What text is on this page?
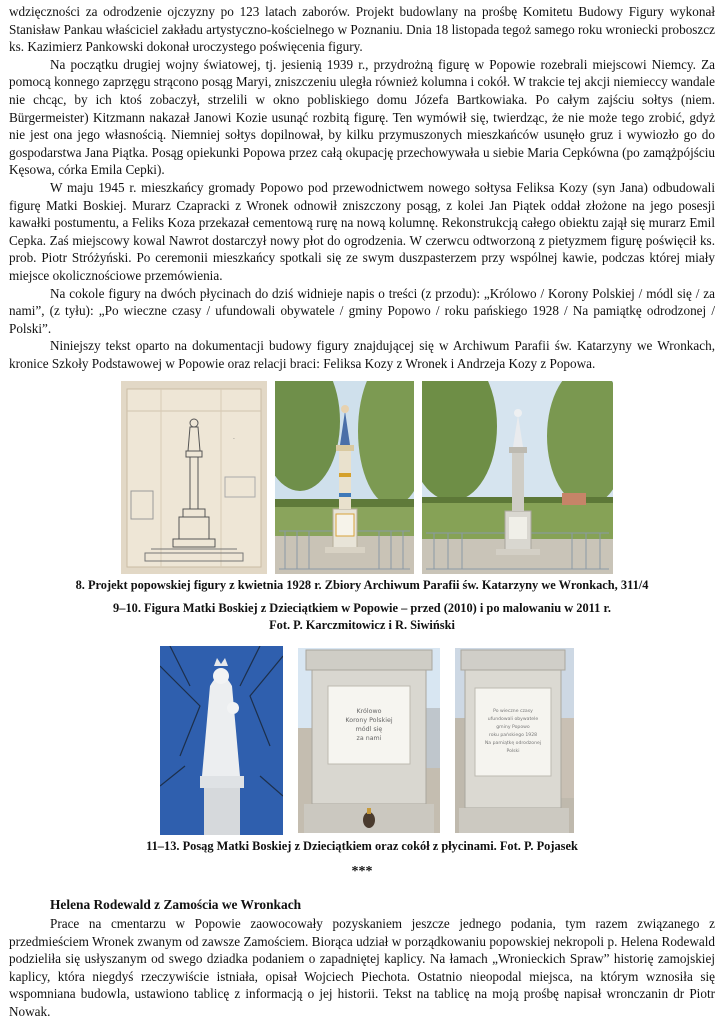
wdzięczności za odrodzenie ojczyzny po 123 latach zaborów. Projekt budowlany na prośbę Komitetu Budowy Figury wykonał Stanisław Pankau właściciel zakładu artystyczno-kościelnego w Poznaniu. Dnia 18 listopada tegoż samego roku wroniecki proboszcz ks. Kazimierz Pankowski dokonał uroczystego poświęcenia figury.

Na początku drugiej wojny światowej, tj. jesienią 1939 r., przydrożną figurę w Popowie rozebrali miejscowi Niemcy. Za pomocą konnego zaprzęgu strącono posąg Maryi, zniszczeniu uległa również kolumna i cokół. W trakcie tej akcji niemieccy wandale nie chcąc, by ich ktoś zobaczył, strzelili w okno pobliskiego domu Józefa Bartkowiaka. Po całym zajściu sołtys (niem. Bürgermeister) Kitzmann nakazał Janowi Kozie usunąć rozbitą figurę. Ten wymówił się, twierdząc, że nie może tego zrobić, gdyż nie jest ona jego własnością. Niemniej sołtys dopilnował, by kilku przymuszonych mieszkańców usunęło gruz i wywiozło go do gospodarstwa Jana Piątka. Posąg opiekunki Popowa przez całą okupację przechowywała u siebie Maria Cepkówna (po zamążpójściu Kęsowa, córka Emila Cepki).

W maju 1945 r. mieszkańcy gromady Popowo pod przewodnictwem nowego sołtysa Feliksa Kozy (syn Jana) odbudowali figurę Matki Boskiej. Murarz Czapracki z Wronek odnowił zniszczony posąg, z kolei Jan Piątek oddał złożone na jego posesji kawałki postumentu, a Feliks Koza przekazał cementową rurę na nową kolumnę. Rekonstrukcją całego obiektu zajął się murarz Emil Cepka. Zaś miejscowy kowal Nawrot dostarczył nowy płot do ogrodzenia. W czerwcu odtworzoną z pietyzmem figurę poświęcił ks. prob. Piotr Stróżyński. Po ceremonii mieszkańcy spotkali się ze swym duszpasterzem przy wspólnej kawie, podczas której miały miejsce okolicznościowe przemówienia.

Na cokole figury na dwóch płycinach do dziś widnieje napis o treści (z przodu): „Królowo / Korony Polskiej / módl się / za nami”, (z tyłu): „Po wieczne czasy / ufundowali obywatele / gminy Popowo / roku pańskiego 1928 / Na pamiątkę odrodzonej / Polski”.

Niniejszy tekst oparto na dokumentacji budowy figury znajdującej się w Archiwum Parafii św. Katarzyny we Wronkach, kronice Szkoły Podstawowej w Popowie oraz relacji braci: Feliksa Kozy z Wronek i Andrzeja Kozy z Popowa.

·

8. Projekt popowskiej figury z kwietnia 1928 r. Zbiory Archiwum Parafii św. Katarzyny we Wronkach, 311/4

9–10. Figura Matki Boskiej z Dzieciątkiem w Popowie – przed (2010) i po malowaniu w 2011 r.

Fot. P. Karczmitowicz i R. Siwiński

Królowo
Korony Polskiej
módl się
za nami
Po wieczne czasy
ufundowali obywatele
gminy Popowo
roku pańskiego 1928
Na pamiątkę odrodzonej
Polski

11–13. Posąg Matki Boskiej z Dzieciątkiem oraz cokół z płycinami. Fot. P. Pojasek

***
Helena Rodewald z Zamościa we Wronkach

Prace na cmentarzu w Popowie zaowocowały pozyskaniem jeszcze jednego podania, tym razem związanego z przedmieściem Wronek zwanym od zawsze Zamościem. Biorąca udział w porządkowaniu popowskiej nekropoli p. Helena Rodewald podzieliła się usłyszanym od swego dziadka podaniem o zapadniętej kaplicy. Na łamach „Wronieckich Spraw” historię zamojskiej kaplicy, która niegdyś rzeczywiście istniała, opisał Wojciech Piechota. Ostatnio nieopodal miejsca, na którym wznosiła się wspomniana budowla, ustawiono tablicę z informacją o jej historii. Tekst na tablicę na moją prośbę napisał wronczanin dr Piotr Nowak.
